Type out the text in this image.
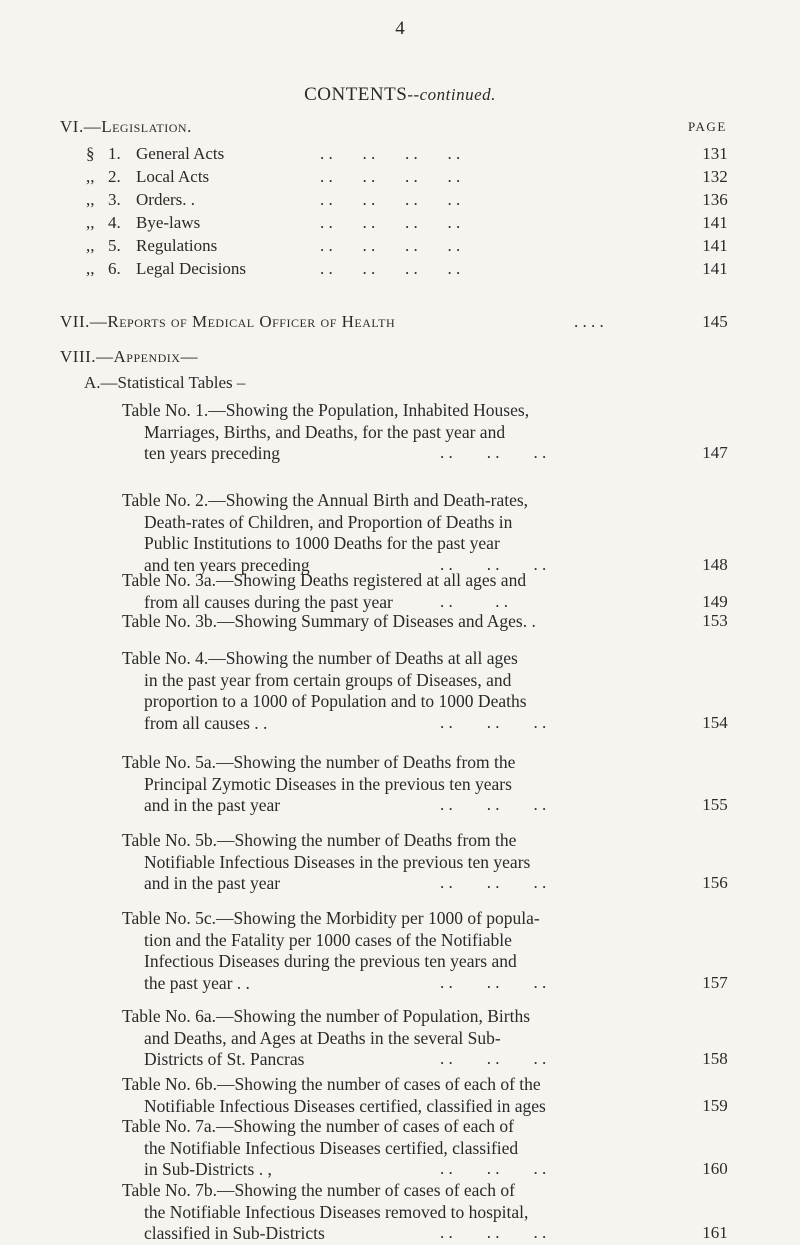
4
CONTENTS--continued.
VI.—Legislation.	PAGE
§ 1. General Acts	. .       . .       . .       . .	131
,, 2. Local Acts	. .       . .       . .       . .	132
,, 3. Orders. .	. .       . .       . .       . .	136
,, 4. Bye-laws	. .       . .       . .       . .	141
,, 5. Regulations	. .       . .       . .       . .	141
,, 6. Legal Decisions	. .       . .       . .       . .	141
VII.—Reports of Medical Officer of Health	. . . .	145
VIII.—Appendix—
A.—Statistical Tables –
Table No. 1.—Showing the Population, Inhabited Houses,
Marriages, Births, and Deaths, for the past year and
ten years preceding	. .        . .        . .	147
Table No. 2.—Showing the Annual Birth and Death-rates,
Death-rates of Children, and Proportion of Deaths in
Public Institutions to 1000 Deaths for the past year
and ten years preceding	. .        . .        . .	148
Table No. 3a.—Showing Deaths registered at all ages and
from all causes during the past year	. .          . .	149
Table No. 3b.—Showing Summary of Diseases and Ages. .	153
Table No. 4.—Showing the number of Deaths at all ages
in the past year from certain groups of Diseases, and
proportion to a 1000 of Population and to 1000 Deaths
from all causes . .	. .        . .        . .	154
Table No. 5a.—Showing the number of Deaths from the
Principal Zymotic Diseases in the previous ten years
and in the past year	. .        . .        . .	155
Table No. 5b.—Showing the number of Deaths from the
Notifiable Infectious Diseases in the previous ten years
and in the past year	. .        . .        . .	156
Table No. 5c.—Showing the Morbidity per 1000 of popula-
tion and the Fatality per 1000 cases of the Notifiable
Infectious Diseases during the previous ten years and
the past year . .	. .        . .        . .	157
Table No. 6a.—Showing the number of Population, Births
and Deaths, and Ages at Deaths in the several Sub-
Districts of St. Pancras	. .        . .        . .	158
Table No. 6b.—Showing the number of cases of each of the
Notifiable Infectious Diseases certified, classified in ages	159
Table No. 7a.—Showing the number of cases of each of
the Notifiable Infectious Diseases certified, classified
in Sub-Districts . ,	. .        . .        . .	160
Table No. 7b.—Showing the number of cases of each of
the Notifiable Infectious Diseases removed to hospital,
classified in Sub-Districts	. .        . .        . .	161
